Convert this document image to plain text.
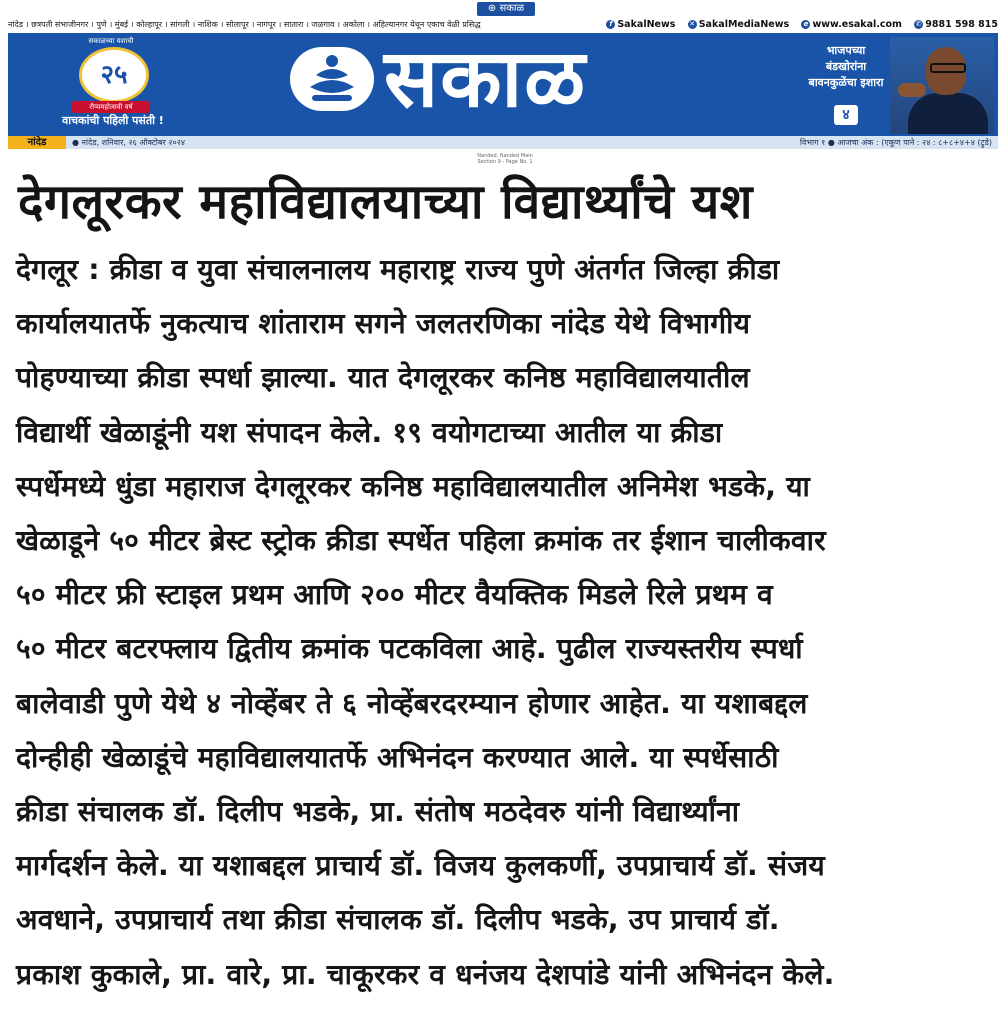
⊕ सकाळ
नांदेड । छत्रपती संभाजीनगर । पुणे । मुंबई । कोल्हापूर । सांगली । नाशिक । सोलापूर । नागपूर । सातारा । जळगाव । अकोला । अहिल्यानगर येथून एकाच वेळी प्रसिद्ध	f SakalNews ✕ SakalMediaNews e www.esakal.com ✆ 9881 598 815
सकाळच्या यशाची
२५
रौप्यमहोत्सवी वर्ष
वाचकांची पहिली पसंती !	सकाळ	भाजपच्या बंडखोरांना बावनकुळेंचा इशारा
४
नांदेड	● नांदेड, शनिवार, २६ ऑक्टोबर २०२४	विभाग १ ● आजचा अंक : (एकूण पाने : २४ : ८+८+४+४ (ट्रुडे)
Nanded, Nanded Main Section 9 - Page No. 1
देगलूरकर महाविद्यालयाच्या विद्यार्थ्यांचे यश
देगलूर : क्रीडा व युवा संचालनालय महाराष्ट्र राज्य पुणे अंतर्गत जिल्हा क्रीडा
कार्यालयातर्फे नुकत्याच शांताराम सगने जलतरणिका नांदेड येथे विभागीय
पोहण्याच्या क्रीडा स्पर्धा झाल्या. यात देगलूरकर कनिष्ठ महाविद्यालयातील
विद्यार्थी खेळाडूंनी यश संपादन केले. १९ वयोगटाच्या आतील या क्रीडा
स्पर्धेमध्ये धुंडा महाराज देगलूरकर कनिष्ठ महाविद्यालयातील अनिमेश भडके, या
खेळाडूने ५० मीटर ब्रेस्ट स्ट्रोक क्रीडा स्पर्धेत पहिला क्रमांक तर ईशान चालीकवार
५० मीटर फ्री स्टाइल प्रथम आणि २०० मीटर वैयक्तिक मिडले रिले प्रथम व
५० मीटर बटरफ्लाय द्वितीय क्रमांक पटकविला आहे. पुढील राज्यस्तरीय स्पर्धा
बालेवाडी पुणे येथे ४ नोव्हेंबर ते ६ नोव्हेंबरदरम्यान होणार आहेत. या यशाबद्दल
दोन्हीही खेळाडूंचे महाविद्यालयातर्फे अभिनंदन करण्यात आले. या स्पर्धेसाठी
क्रीडा संचालक डॉ. दिलीप भडके, प्रा. संतोष मठदेवरु यांनी विद्यार्थ्यांना
मार्गदर्शन केले. या यशाबद्दल प्राचार्य डॉ. विजय कुलकर्णी, उपप्राचार्य डॉ. संजय
अवधाने, उपप्राचार्य तथा क्रीडा संचालक डॉ. दिलीप भडके, उप प्राचार्य डॉ.
प्रकाश कुकाले, प्रा. वारे, प्रा. चाकूरकर व धनंजय देशपांडे यांनी अभिनंदन केले.
